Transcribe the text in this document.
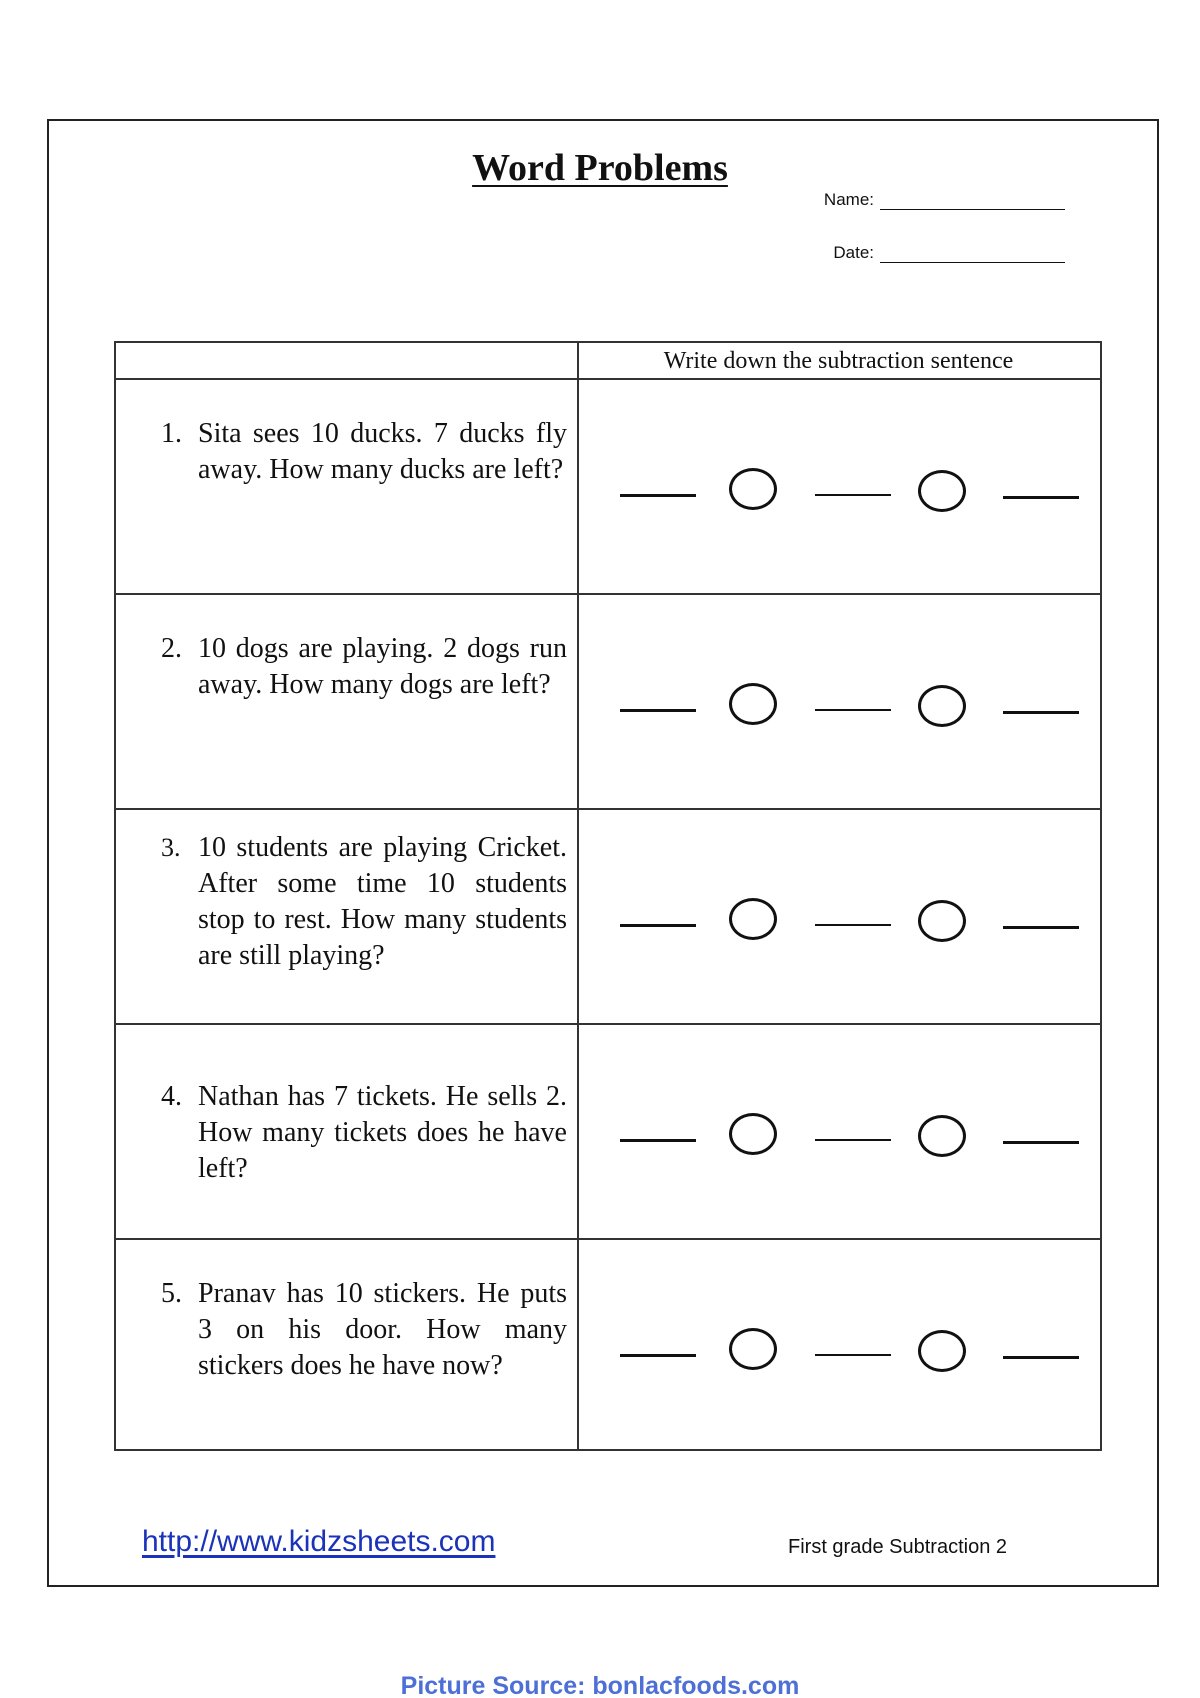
Word Problems
Name:
Date:
Write down the subtraction sentence
1. Sita sees 10 ducks. 7 ducks fly away. How many ducks are left?
2. 10 dogs are playing. 2 dogs run away. How many dogs are left?
3. 10 students are playing Cricket. After some time 10 students stop to rest. How many students are still playing?
4. Nathan has 7 tickets. He sells 2. How many tickets does he have left?
5. Pranav has 10 stickers. He puts 3 on his door. How many stickers does he have now?
http://www.kidzsheets.com	First grade Subtraction 2
Picture Source: bonlacfoods.com
